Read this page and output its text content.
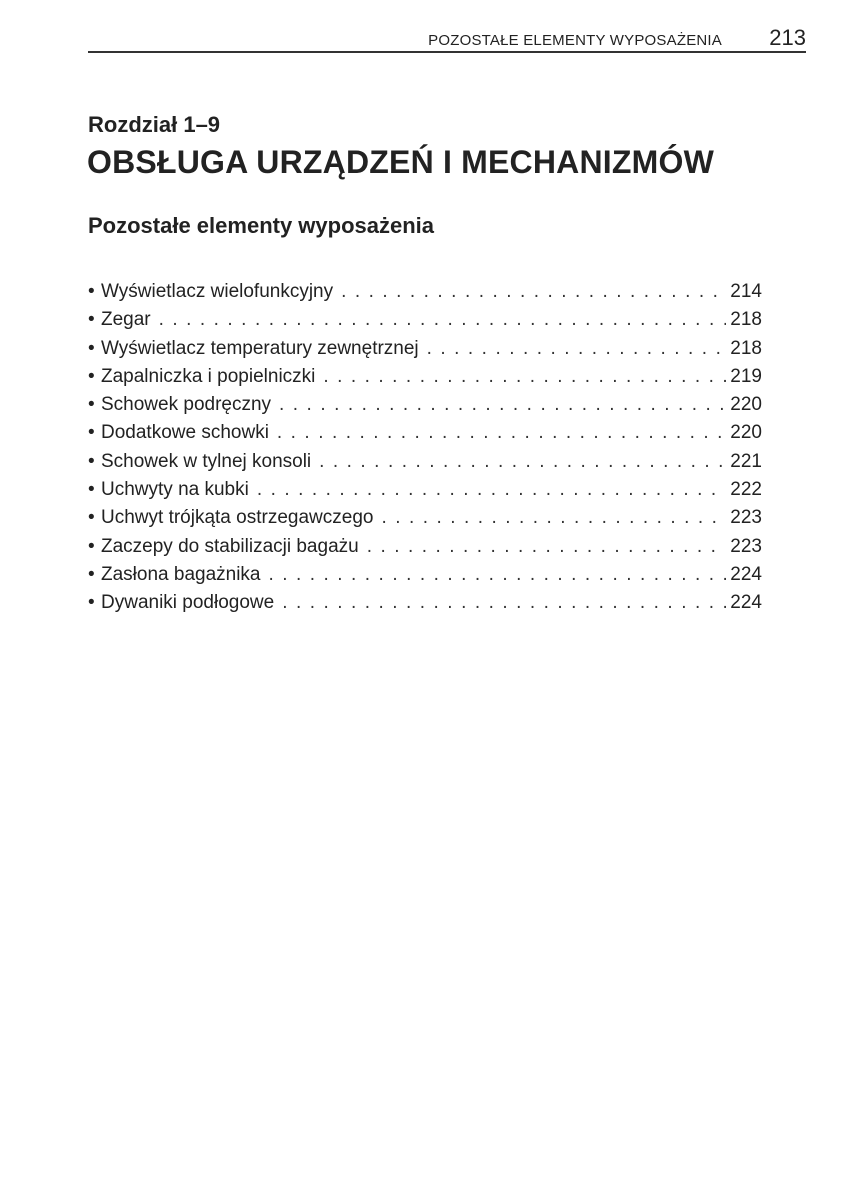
POZOSTAŁE ELEMENTY WYPOSAŻENIA 213
Rozdział 1–9
OBSŁUGA URZĄDZEŃ I MECHANIZMÓW
Pozostałe elementy wyposażenia
• Wyświetlacz wielofunkcyjny . . .	214
• Zegar . . .	218
• Wyświetlacz temperatury zewnętrznej . . .	218
• Zapalniczka i popielniczki . . .	219
• Schowek podręczny . . .	220
• Dodatkowe schowki . . .	220
• Schowek w tylnej konsoli . . .	221
• Uchwyty na kubki . . .	222
• Uchwyt trójkąta ostrzegawczego . . .	223
• Zaczepy do stabilizacji bagażu . . .	223
• Zasłona bagażnika . . .	224
• Dywaniki podłogowe . . .	224
